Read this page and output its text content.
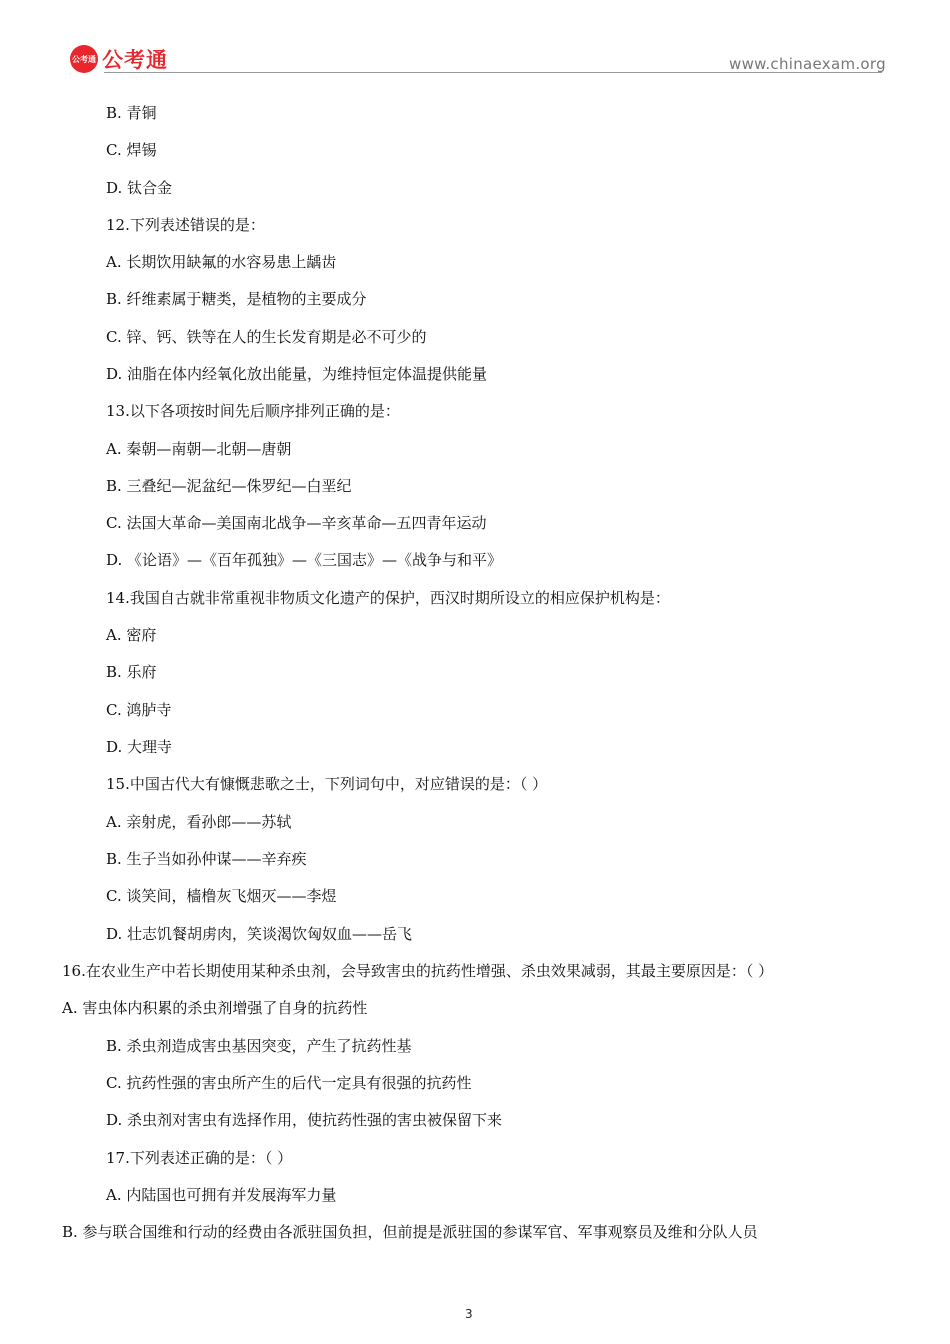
公考通 公考通	www.chinaexam.org
B. 青铜
C. 焊锡
D. 钛合金
12.下列表述错误的是：
A. 长期饮用缺氟的水容易患上龋齿
B. 纤维素属于糖类，是植物的主要成分
C. 锌、钙、铁等在人的生长发育期是必不可少的
D. 油脂在体内经氧化放出能量，为维持恒定体温提供能量
13.以下各项按时间先后顺序排列正确的是：
A. 秦朝—南朝—北朝—唐朝
B. 三叠纪—泥盆纪—侏罗纪—白垩纪
C. 法国大革命—美国南北战争—辛亥革命—五四青年运动
D. 《论语》—《百年孤独》—《三国志》—《战争与和平》
14.我国自古就非常重视非物质文化遗产的保护，西汉时期所设立的相应保护机构是：
A. 密府
B. 乐府
C. 鸿胪寺
D. 大理寺
15.中国古代大有慷慨悲歌之士，下列词句中，对应错误的是：（ ）
A. 亲射虎，看孙郎——苏轼
B. 生子当如孙仲谋——辛弃疾
C. 谈笑间，樯橹灰飞烟灭——李煜
D. 壮志饥餐胡虏肉，笑谈渴饮匈奴血——岳飞
16.在农业生产中若长期使用某种杀虫剂，会导致害虫的抗药性增强、杀虫效果减弱，其最主要原因是：（ ）
A. 害虫体内积累的杀虫剂增强了自身的抗药性
B. 杀虫剂造成害虫基因突变，产生了抗药性基
C. 抗药性强的害虫所产生的后代一定具有很强的抗药性
D. 杀虫剂对害虫有选择作用，使抗药性强的害虫被保留下来
17.下列表述正确的是：（ ）
A. 内陆国也可拥有并发展海军力量
B. 参与联合国维和行动的经费由各派驻国负担，但前提是派驻国的参谋军官、军事观察员及维和分队人员
3
